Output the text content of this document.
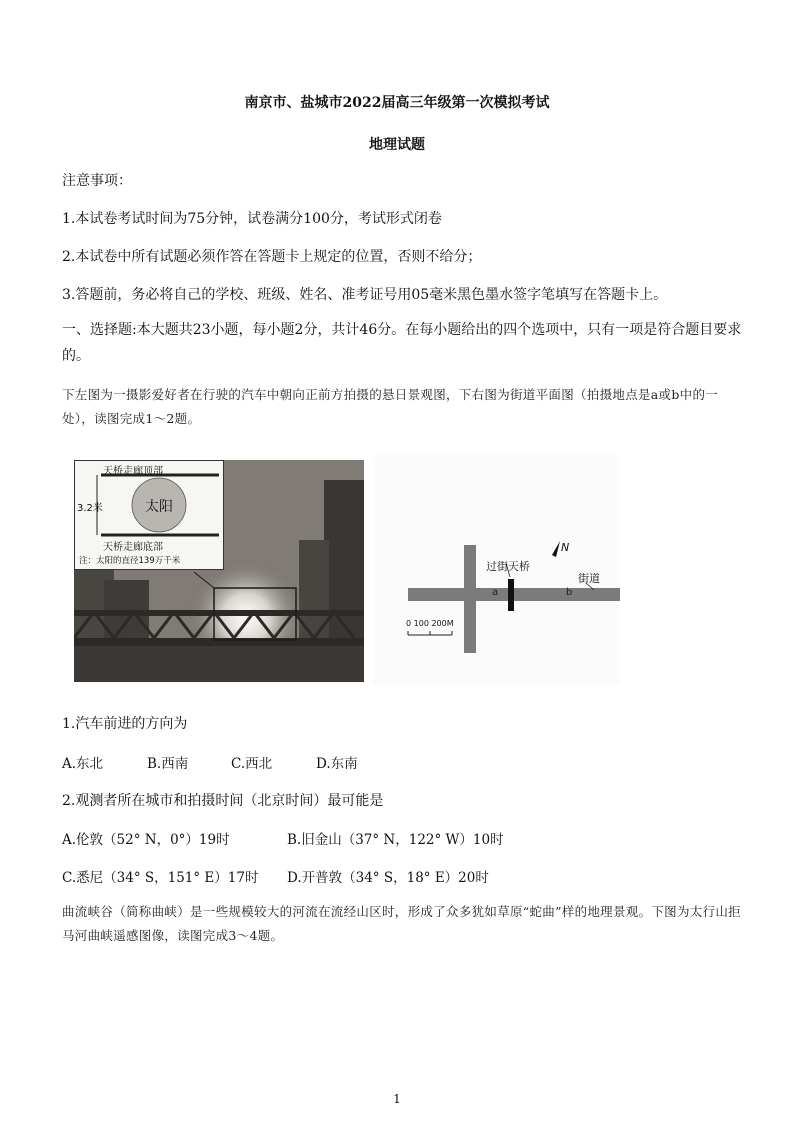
南京市、盐城市2022届高三年级第一次模拟考试
地理试题
注意事项：
1.本试卷考试时间为75分钟，试卷满分100分，考试形式闭卷
2.本试卷中所有试题必须作答在答题卡上规定的位置，否则不给分；
3.答题前，务必将自己的学校、班级、姓名、准考证号用05毫米黑色墨水签字笔填写在答题卡上。
一、选择题:本大题共23小题，每小题2分，共计46分。在每小题给出的四个选项中，只有一项是符合题目要求的。
下左图为一摄影爱好者在行驶的汽车中朝向正前方拍摄的悬日景观图，下右图为街道平面图（拍摄地点是a或b中的一处），读图完成1～2题。
天桥走廊顶部
3.2米	太阳
天桥走廊底部
注：太阳的直径139万千米	过街天桥
街道
a	b
N
0 100 200M
1.汽车前进的方向为
A.东北	B.西南	C.西北	D.东南
2.观测者所在城市和拍摄时间（北京时间）最可能是
A.伦敦（52° N，0°）19时	B.旧金山（37° N，122° W）10时
C.悉尼（34° S，151° E）17时 D.开普敦（34° S，18° E）20时
曲流峡谷（简称曲峡）是一些规模较大的河流在流经山区时，形成了众多犹如草原“蛇曲”样的地理景观。下图为太行山拒马河曲峡遥感图像，读图完成3～4题。
1
